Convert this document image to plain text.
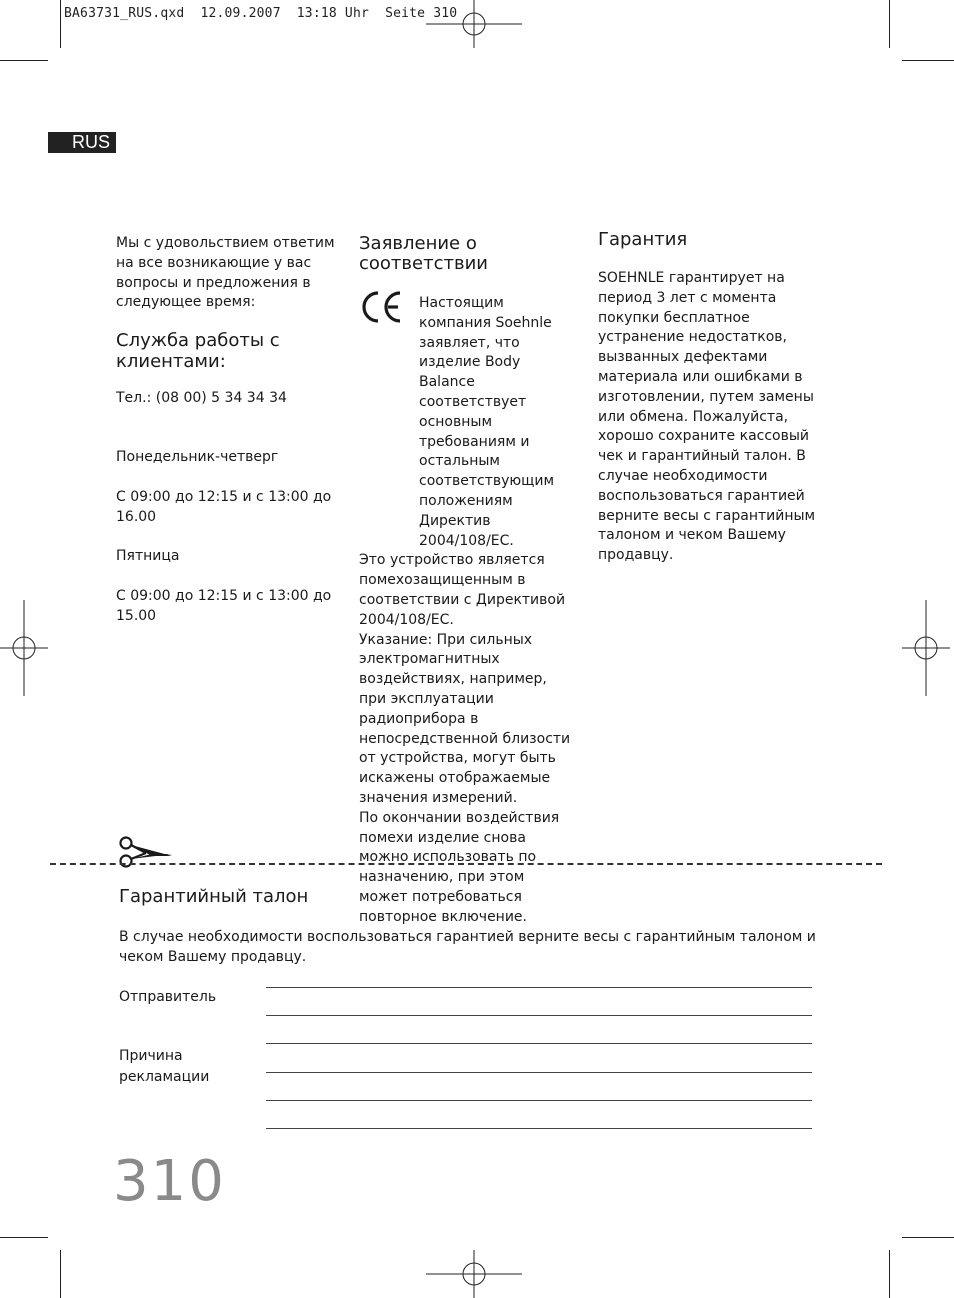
BA63731_RUS.qxd  12.09.2007  13:18 Uhr  Seite 310
RUS

Мы с удовольствием ответим на все возникающие у вас вопросы и предложения в следующее время:

Служба работы с клиентами:

Тел.: (08 00) 5 34 34 34

Понедельник-четверг

С 09:00 до 12:15 и с 13:00 до 16.00

Пятница

С 09:00 до 12:15 и с 13:00 до 15.00

Заявление о
соответствии

Настоящим компания Soehnle заявляет, что изделие Body Balance соответствует основным требованиям и остальным соответствующим положениям Директив 2004/108/EC.

Это устройство является помехозащищенным в соответствии с Директивой 2004/108/EC.

Указание: При сильных электромагнитных воздействиях, например, при эксплуатации радиоприбора в непосредственной близости от устройства, могут быть искажены отображаемые значения измерений.

По окончании воздействия помехи изделие снова можно использовать по назначению, при этом может потребоваться повторное включение.

Гарантия

SOEHNLE гарантирует на период 3 лет с момента покупки бесплатное устранение недостатков, вызванных дефектами материала или ошибками в изготовлении, путем замены или обмена. Пожалуйста, хорошо сохраните кассовый чек и гарантийный талон. В случае необходимости воспользоваться гарантией верните весы с гарантийным талоном и чеком Вашему продавцу.

Гарантийный талон

В случае необходимости воспользоваться гарантией верните весы с гарантийным талоном и чеком Вашему продавцу.

Отправитель

Причина
рекламации

310
